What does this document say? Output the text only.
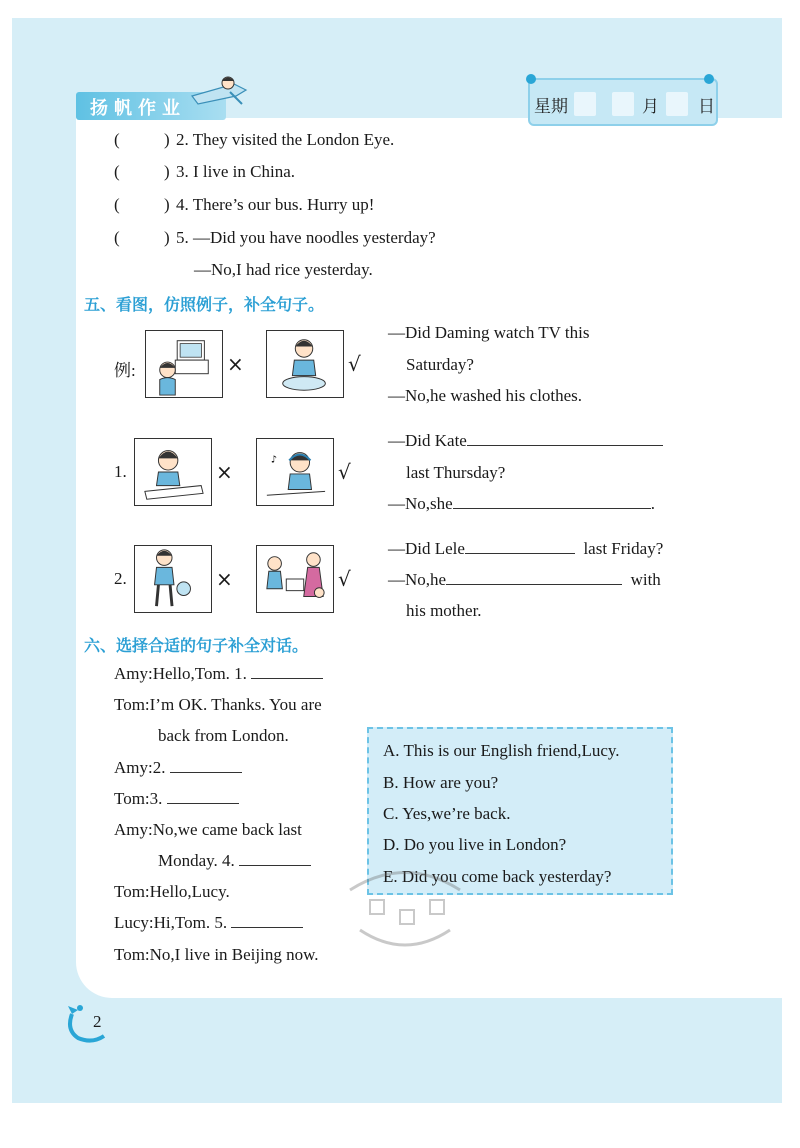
扬帆作业	星期	月 日
(	) 2. They visited the London Eye.
(	) 3. I live in China.
(	) 4. There’s our bus. Hurry up!
(	) 5. —Did you have noodles yesterday?
—No,I had rice yesterday.
五、看图，仿照例子，补全句子。
例:	×	√
—Did Daming watch TV this
Saturday?
—No,he washed his clothes.
1.	×
♪
√
—Did Kate
last Thursday?
—No,she	.
2.	×	√
—Did Lele	last Friday?
—No,he	with
his mother.
六、选择合适的句子补全对话。
Amy:Hello,Tom. 1.
Tom:I’m OK. Thanks. You are
back from London.
Amy:2.
Tom:3.
Amy:No,we came back last
Monday. 4.
Tom:Hello,Lucy.
Lucy:Hi,Tom. 5.
Tom:No,I live in Beijing now.
A. This is our English friend,Lucy.
B. How are you?
C. Yes,we’re back.
D. Do you live in London?
E. Did you come back yesterday?
2
